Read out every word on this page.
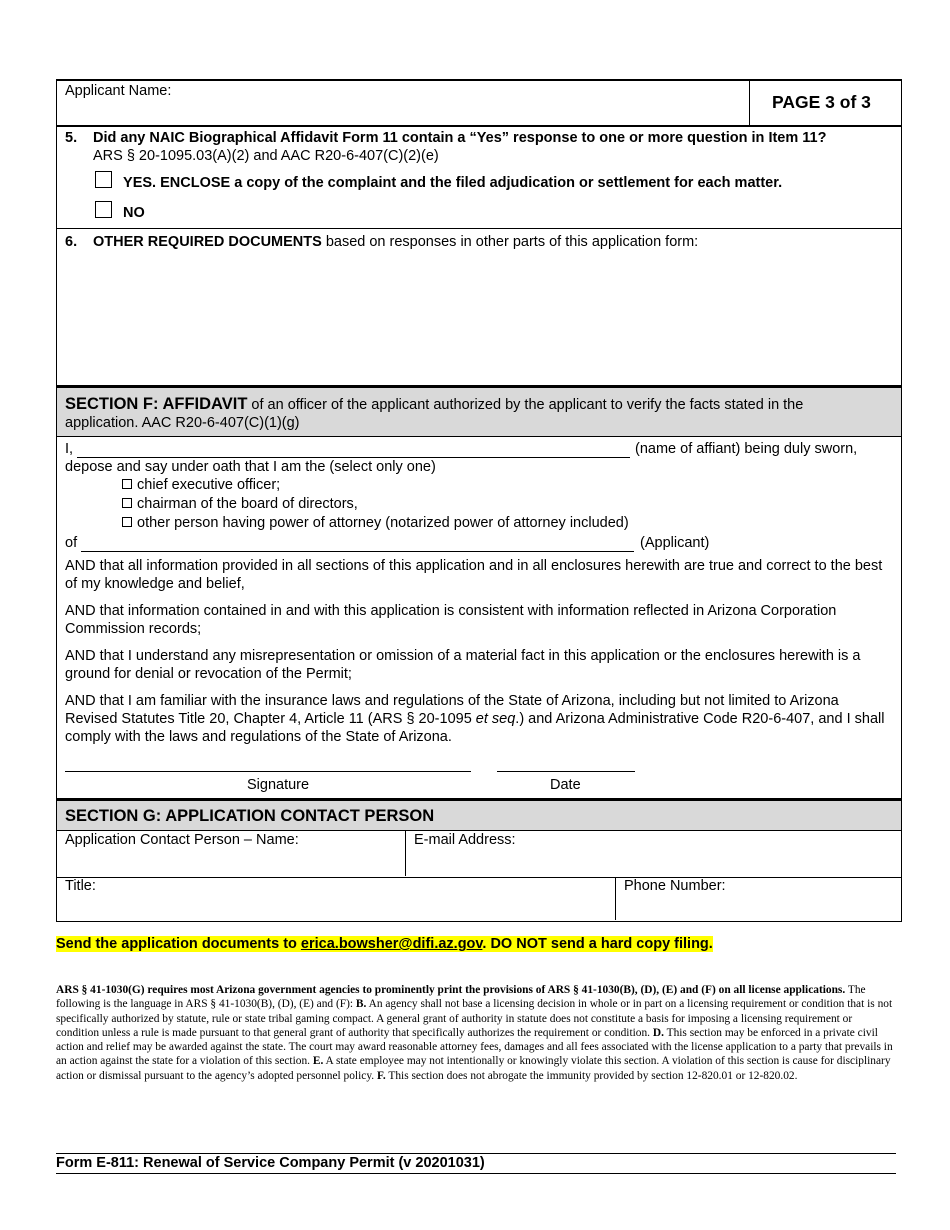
Applicant Name:
PAGE 3 of 3
5. Did any NAIC Biographical Affidavit Form 11 contain a “Yes” response to one or more question in Item 11?
ARS § 20-1095.03(A)(2) and AAC R20-6-407(C)(2)(e)
YES. ENCLOSE a copy of the complaint and the filed adjudication or settlement for each matter.
NO
6. OTHER REQUIRED DOCUMENTS based on responses in other parts of this application form:
SECTION F: AFFIDAVIT of an officer of the applicant authorized by the applicant to verify the facts stated in the
application. AAC R20-6-407(C)(1)(g)
I,	(name of affiant) being duly sworn,
depose and say under oath that I am the (select only one)
chief executive officer;
chairman of the board of directors,
other person having power of attorney (notarized power of attorney included)
of	(Applicant)

AND that all information provided in all sections of this application and in all enclosures herewith are true and correct to the best of my knowledge and belief,

AND that information contained in and with this application is consistent with information reflected in Arizona Corporation Commission records;

AND that I understand any misrepresentation or omission of a material fact in this application or the enclosures herewith is a ground for denial or revocation of the Permit;

AND that I am familiar with the insurance laws and regulations of the State of Arizona, including but not limited to Arizona Revised Statutes Title 20, Chapter 4, Article 11 (ARS § 20-1095 et seq.) and Arizona Administrative Code R20-6-407, and I shall comply with the laws and regulations of the State of Arizona.

Signature	Date
SECTION G: APPLICATION CONTACT PERSON
Application Contact Person – Name:	E-mail Address:
Title:	Phone Number:
Send the application documents to erica.bowsher@difi.az.gov. DO NOT send a hard copy filing.
ARS § 41-1030(G) requires most Arizona government agencies to prominently print the provisions of ARS § 41-1030(B), (D), (E) and (F) on all license applications. The following is the language in ARS § 41-1030(B), (D), (E) and (F): B. An agency shall not base a licensing decision in whole or in part on a licensing requirement or condition that is not specifically authorized by statute, rule or state tribal gaming compact. A general grant of authority in statute does not constitute a basis for imposing a licensing requirement or condition unless a rule is made pursuant to that general grant of authority that specifically authorizes the requirement or condition. D. This section may be enforced in a private civil action and relief may be awarded against the state. The court may award reasonable attorney fees, damages and all fees associated with the license application to a party that prevails in an action against the state for a violation of this section. E. A state employee may not intentionally or knowingly violate this section. A violation of this section is cause for disciplinary action or dismissal pursuant to the agency’s adopted personnel policy. F. This section does not abrogate the immunity provided by section 12-820.01 or 12-820.02.
Form E-811: Renewal of Service Company Permit (v 20201031)
